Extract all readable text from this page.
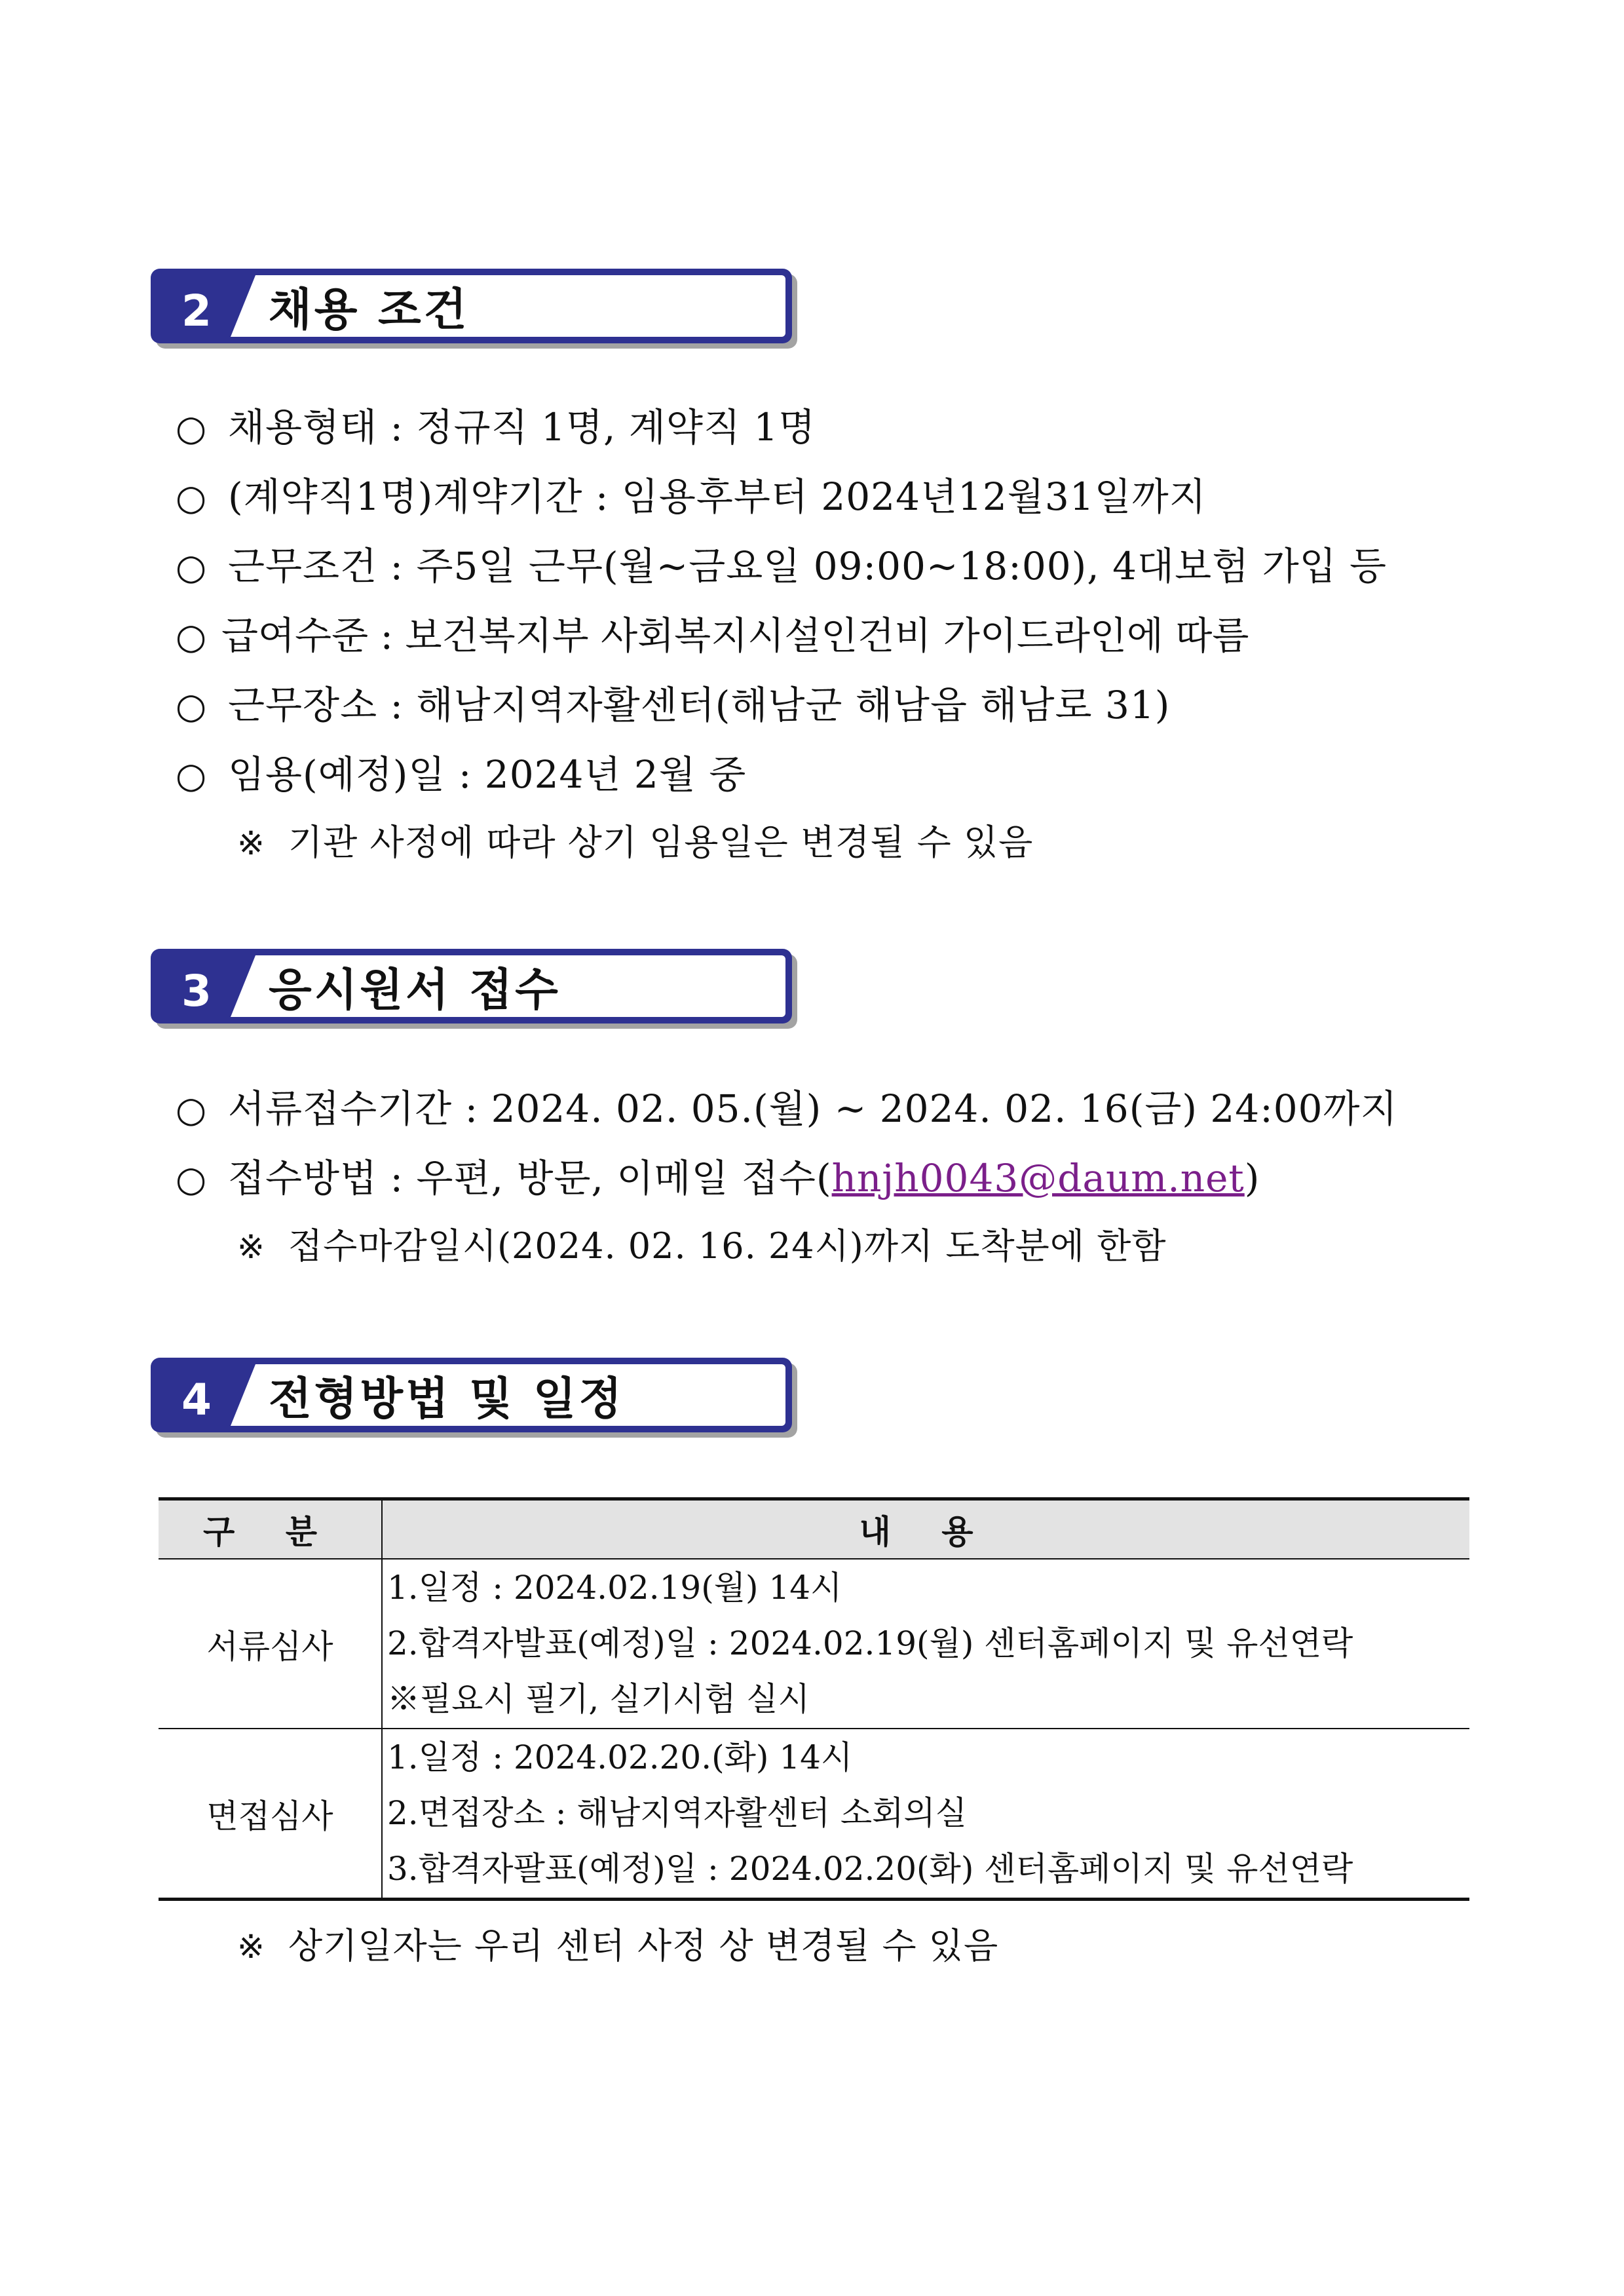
2 채용 조건
○ 채용형태 : 정규직 1명, 계약직 1명
○ (계약직1명)계약기간 : 임용후부터 2024년12월31일까지
○ 근무조건 : 주5일 근무(월~금요일 09:00~18:00), 4대보험 가입 등
○ 급여수준 : 보건복지부 사회복지시설인건비 가이드라인에 따름
○ 근무장소 : 해남지역자활센터(해남군 해남읍 해남로 31)
○ 임용(예정)일 : 2024년 2월 중
※ 기관 사정에 따라 상기 임용일은 변경될 수 있음
3 응시원서 접수
○ 서류접수기간 : 2024. 02. 05.(월) ~ 2024. 02. 16(금) 24:00까지
○ 접수방법 : 우편, 방문, 이메일 접수(hnjh0043@daum.net)
※ 접수마감일시(2024. 02. 16. 24시)까지 도착분에 한함
4 전형방법 및 일정
구 분	내 용
서류심사	1.일정 : 2024.02.19(월) 14시
2.합격자발표(예정)일 : 2024.02.19(월) 센터홈페이지 및 유선연락
※필요시 필기, 실기시험 실시

면접심사	1.일정 : 2024.02.20.(화) 14시
2.면접장소 : 해남지역자활센터 소회의실
3.합격자팔표(예정)일 : 2024.02.20(화) 센터홈페이지 및 유선연락
※ 상기일자는 우리 센터 사정 상 변경될 수 있음
